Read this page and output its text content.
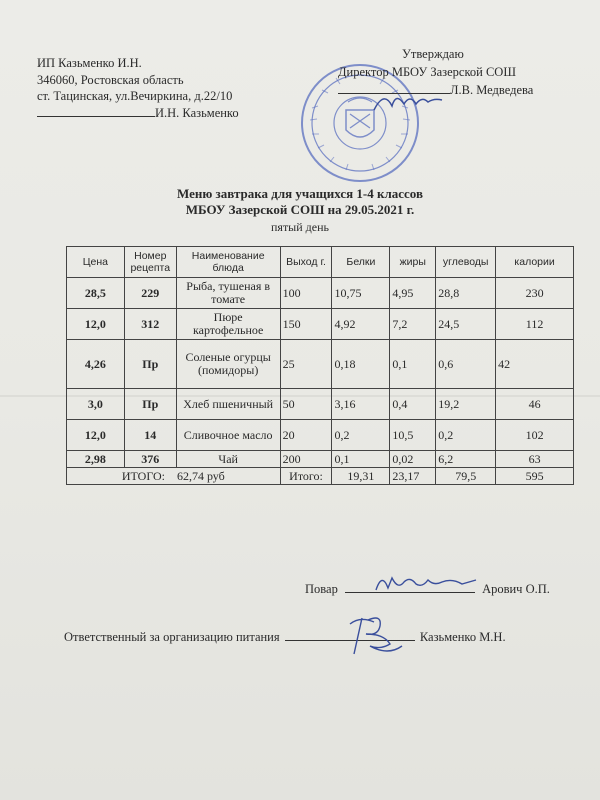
ИП Казьменко И.Н.
346060, Ростовская область
ст. Тацинская, ул.Вечиркина, д.22/10
И.Н. Казьменко
Утверждаю
Директор МБОУ Зазерской СОШ
Л.В. Медведева
Меню завтрака для учащихся 1-4 классов
МБОУ Зазерской СОШ на 29.05.2021 г.
пятый день
Цена	Номер рецепта	Наименование блюда	Выход г.	Белки	жиры	углеводы	калории
28,5	229	Рыба, тушеная в томате	100	10,75	4,95	28,8	230
12,0	312	Пюре картофельное	150	4,92	7,2	24,5	112
4,26	Пр	Соленые огурцы (помидоры)	25	0,18	0,1	0,6	42
3,0	Пр	Хлеб пшеничный	50	3,16	0,4	19,2	46
12,0	14	Сливочное масло	20	0,2	10,5	0,2	102
2,98	376	Чай	200	0,1	0,02	6,2	63
ИТОГО:    62,74 руб			Итого:	19,31	23,17	79,5	595
Повар	Арович О.П.
Ответственный за организацию питания	Казьменко М.Н.
